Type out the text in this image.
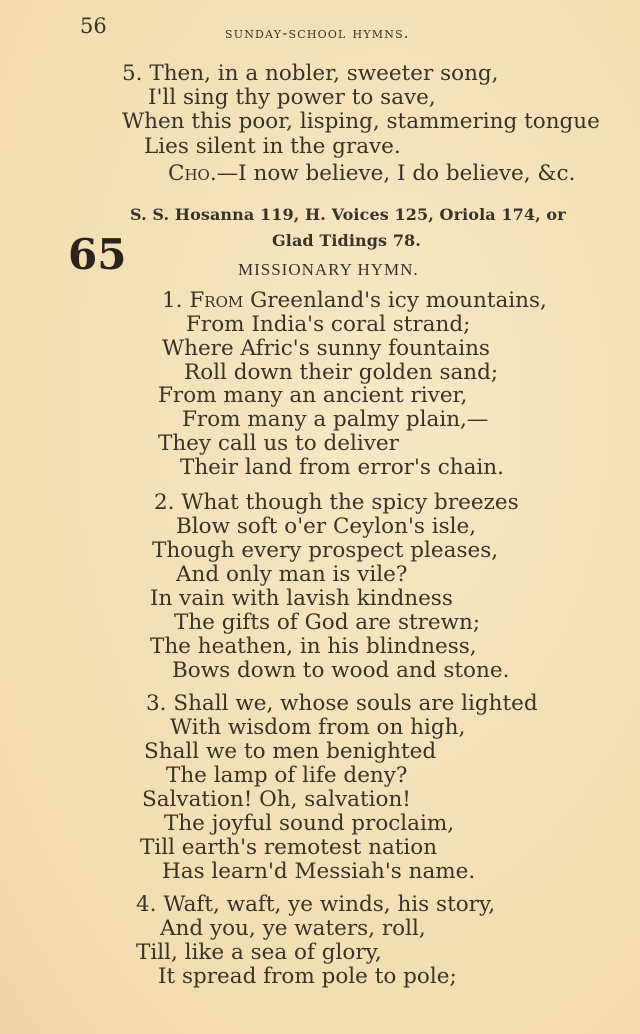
56	sunday-school hymns.
5. Then, in a nobler, sweeter song,
I'll sing thy power to save,
When this poor, lisping, stammering tongue
Lies silent in the grave.
Cho.—I now believe, I do believe, &c.
S. S. Hosanna 119, H. Voices 125, Oriola 174, or
Glad Tidings 78.
65	MISSIONARY HYMN.
1. From Greenland's icy mountains,
From India's coral strand;
Where Afric's sunny fountains
Roll down their golden sand;
From many an ancient river,
From many a palmy plain,—
They call us to deliver
Their land from error's chain.
2. What though the spicy breezes
Blow soft o'er Ceylon's isle,
Though every prospect pleases,
And only man is vile?
In vain with lavish kindness
The gifts of God are strewn;
The heathen, in his blindness,
Bows down to wood and stone.
3. Shall we, whose souls are lighted
With wisdom from on high,
Shall we to men benighted
The lamp of life deny?
Salvation! Oh, salvation!
The joyful sound proclaim,
Till earth's remotest nation
Has learn'd Messiah's name.
4. Waft, waft, ye winds, his story,
And you, ye waters, roll,
Till, like a sea of glory,
It spread from pole to pole;
